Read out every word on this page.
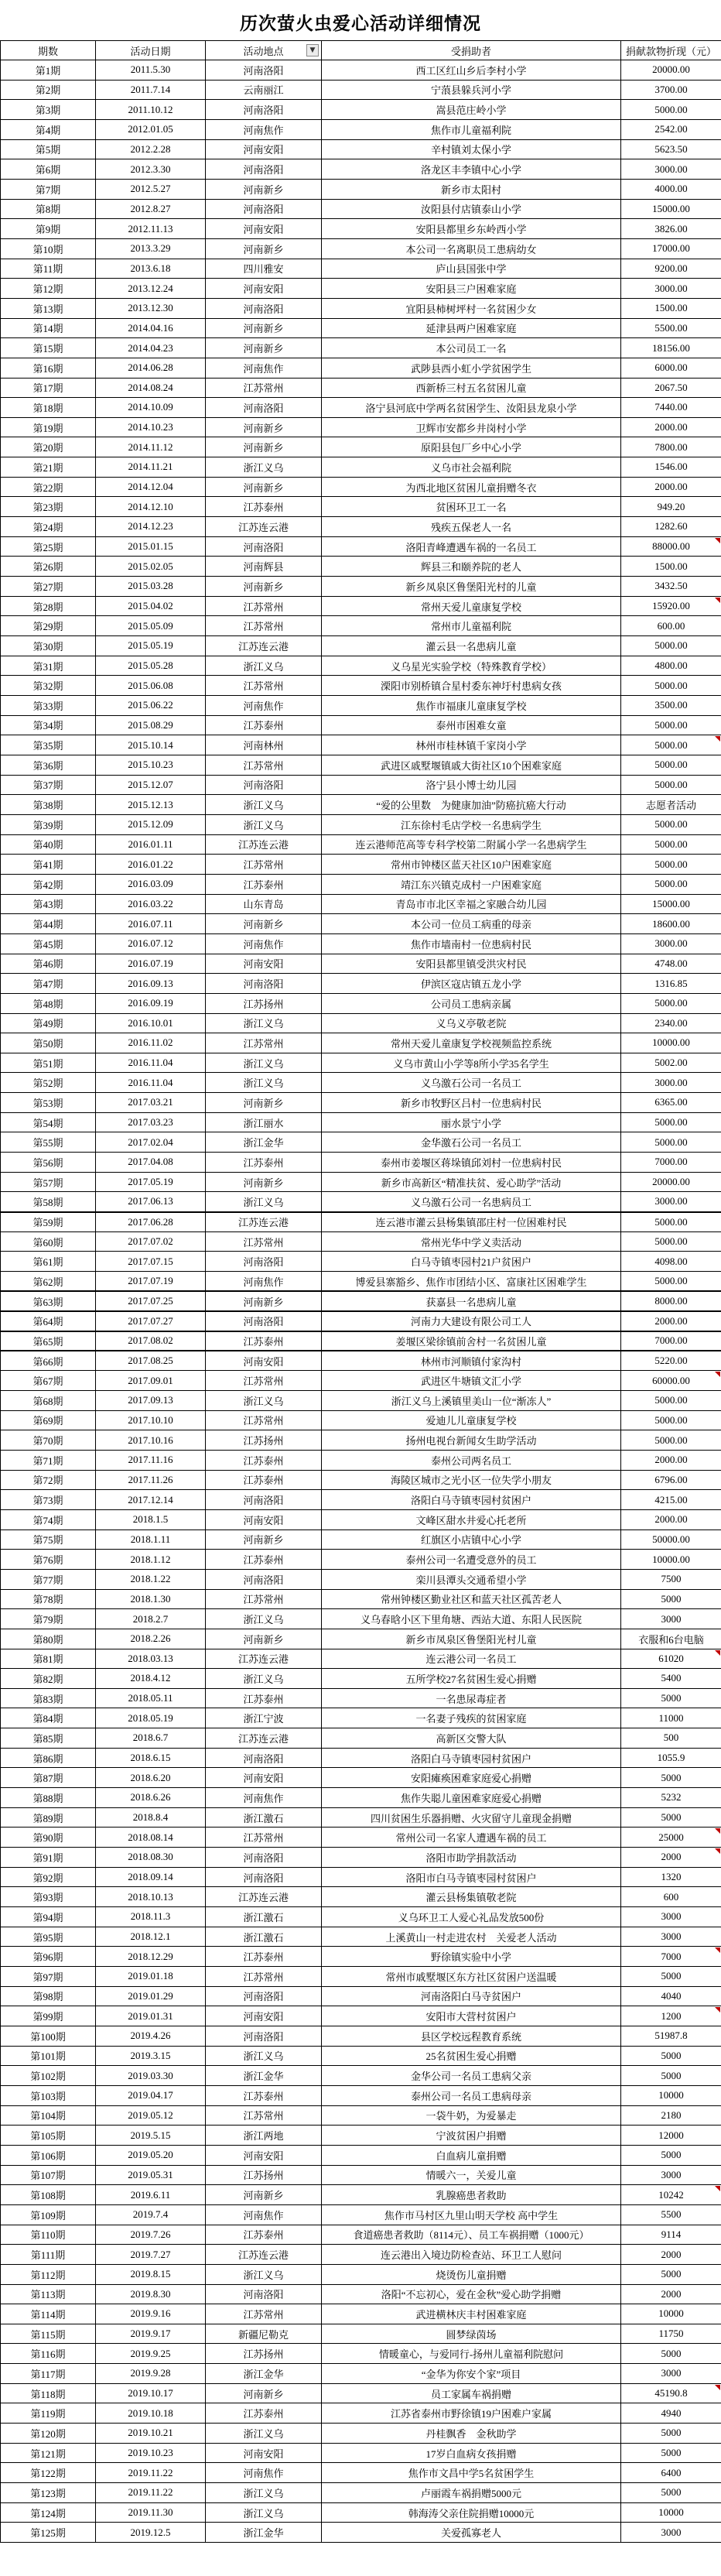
历次萤火虫爱心活动详细情况
期数	活动日期	活动地点 ▼	受捐助者	捐献款物折现（元）
第1期	2011.5.30	河南洛阳	西工区红山乡后李村小学	20000.00
第2期	2011.7.14	云南丽江	宁蒗县躲兵河小学	3700.00
第3期	2011.10.12	河南洛阳	嵩县范庄岭小学	5000.00
第4期	2012.01.05	河南焦作	焦作市儿童福利院	2542.00
第5期	2012.2.28	河南安阳	辛村镇刘太保小学	5623.50
第6期	2012.3.30	河南洛阳	洛龙区丰李镇中心小学	3000.00
第7期	2012.5.27	河南新乡	新乡市太阳村	4000.00
第8期	2012.8.27	河南洛阳	汝阳县付店镇泰山小学	15000.00
第9期	2012.11.13	河南安阳	安阳县都里乡东岭西小学	3826.00
第10期	2013.3.29	河南新乡	本公司一名离职员工患病幼女	17000.00
第11期	2013.6.18	四川雅安	庐山县国张中学	9200.00
第12期	2013.12.24	河南安阳	安阳县三户困难家庭	3000.00
第13期	2013.12.30	河南洛阳	宜阳县柿树坪村一名贫困少女	1500.00
第14期	2014.04.16	河南新乡	延津县两户困难家庭	5500.00
第15期	2014.04.23	河南新乡	本公司员工一名	18156.00
第16期	2014.06.28	河南焦作	武陟县西小虹小学贫困学生	6000.00
第17期	2014.08.24	江苏常州	西新桥三村五名贫困儿童	2067.50
第18期	2014.10.09	河南洛阳	洛宁县河底中学两名贫困学生、汝阳县龙泉小学	7440.00
第19期	2014.10.23	河南新乡	卫辉市安都乡井岗村小学	2000.00
第20期	2014.11.12	河南新乡	原阳县包厂乡中心小学	7800.00
第21期	2014.11.21	浙江义乌	义乌市社会福利院	1546.00
第22期	2014.12.04	河南新乡	为西北地区贫困儿童捐赠冬衣	2000.00
第23期	2014.12.10	江苏泰州	贫困环卫工一名	949.20
第24期	2014.12.23	江苏连云港	残疾五保老人一名	1282.60
第25期	2015.01.15	河南洛阳	洛阳青峰遭遇车祸的一名员工	88000.00

第26期	2015.02.05	河南辉县	辉县三和颐养院的老人	1500.00
第27期	2015.03.28	河南新乡	新乡凤泉区鲁堡阳光村的儿童	3432.50
第28期	2015.04.02	江苏常州	常州天爱儿童康复学校	15920.00

第29期	2015.05.09	江苏常州	常州市儿童福利院	600.00
第30期	2015.05.19	江苏连云港	灌云县一名患病儿童	5000.00
第31期	2015.05.28	浙江义乌	义乌星光实验学校（特殊教育学校）	4800.00
第32期	2015.06.08	江苏常州	溧阳市别桥镇合星村委东神圩村患病女孩	5000.00
第33期	2015.06.22	河南焦作	焦作市福康儿童康复学校	3500.00
第34期	2015.08.29	江苏泰州	泰州市困难女童	5000.00
第35期	2015.10.14	河南林州	林州市桂林镇千家岗小学	5000.00

第36期	2015.10.23	江苏常州	武进区戚墅堰镇戚大街社区10个困难家庭	5000.00
第37期	2015.12.07	河南洛阳	洛宁县小博士幼儿园	5000.00
第38期	2015.12.13	浙江义乌	“爱的公里数　为健康加油”防癌抗癌大行动	志愿者活动
第39期	2015.12.09	浙江义乌	江东徐村毛店学校一名患病学生	5000.00
第40期	2016.01.11	江苏连云港	连云港师范高等专科学校第二附属小学一名患病学生	5000.00
第41期	2016.01.22	江苏常州	常州市钟楼区蓝天社区10户困难家庭	5000.00
第42期	2016.03.09	江苏泰州	靖江东兴镇克成村一户困难家庭	5000.00
第43期	2016.03.22	山东青岛	青岛市市北区幸福之家融合幼儿园	15000.00
第44期	2016.07.11	河南新乡	本公司一位员工病重的母亲	18600.00
第45期	2016.07.12	河南焦作	焦作市墙南村一位患病村民	3000.00
第46期	2016.07.19	河南安阳	安阳县都里镇受洪灾村民	4748.00
第47期	2016.09.13	河南洛阳	伊滨区寇店镇五龙小学	1316.85
第48期	2016.09.19	江苏扬州	公司员工患病亲属	5000.00
第49期	2016.10.01	浙江义乌	义乌义亭敬老院	2340.00
第50期	2016.11.02	江苏常州	常州天爱儿童康复学校视频监控系统	10000.00
第51期	2016.11.04	浙江义乌	义乌市黄山小学等8所小学35名学生	5002.00
第52期	2016.11.04	浙江义乌	义乌激石公司一名员工	3000.00
第53期	2017.03.21	河南新乡	新乡市牧野区吕村一位患病村民	6365.00
第54期	2017.03.23	浙江丽水	丽水景宁小学	5000.00
第55期	2017.02.04	浙江金华	金华激石公司一名员工	5000.00
第56期	2017.04.08	江苏泰州	泰州市姜堰区蒋垛镇邱刘村一位患病村民	7000.00
第57期	2017.05.19	河南新乡	新乡市高新区“精准扶贫、爱心助学”活动	20000.00
第58期	2017.06.13	浙江义乌	义乌激石公司一名患病员工	3000.00
第59期	2017.06.28	江苏连云港	连云港市灌云县杨集镇邵庄村一位困难村民	5000.00
第60期	2017.07.02	江苏常州	常州光华中学义卖活动	5000.00
第61期	2017.07.15	河南洛阳	白马寺镇枣园村21户贫困户	4098.00
第62期	2017.07.19	河南焦作	博爱县寨豁乡、焦作市团结小区、富康社区困难学生	5000.00
第63期	2017.07.25	河南新乡	获嘉县一名患病儿童	8000.00
第64期	2017.07.27	河南洛阳	河南力大建设有限公司工人	2000.00
第65期	2017.08.02	江苏泰州	姜堰区梁徐镇前舍村一名贫困儿童	7000.00
第66期	2017.08.25	河南安阳	林州市河顺镇付家沟村	5220.00
第67期	2017.09.01	江苏常州	武进区牛塘镇文汇小学	60000.00

第68期	2017.09.13	浙江义乌	浙江义乌上溪镇里美山一位“渐冻人”	5000.00
第69期	2017.10.10	江苏常州	爱迪儿儿童康复学校	5000.00
第70期	2017.10.16	江苏扬州	扬州电视台新闻女生助学活动	5000.00
第71期	2017.11.16	江苏泰州	泰州公司两名员工	2000.00
第72期	2017.11.26	江苏泰州	海陵区城市之光小区一位失学小朋友	6796.00
第73期	2017.12.14	河南洛阳	洛阳白马寺镇枣园村贫困户	4215.00
第74期	2018.1.5	河南安阳	文峰区甜水井爱心托老所	2000.00
第75期	2018.1.11	河南新乡	红旗区小店镇中心小学	50000.00
第76期	2018.1.12	江苏泰州	泰州公司一名遭受意外的员工	10000.00
第77期	2018.1.22	河南洛阳	栾川县潭头交通希望小学	7500
第78期	2018.1.30	江苏常州	常州钟楼区勤业社区和蓝天社区孤苦老人	5000
第79期	2018.2.7	浙江义乌	义乌春晗小区下里角塘、西站大道、东阳人民医院	3000
第80期	2018.2.26	河南新乡	新乡市凤泉区鲁堡阳光村儿童	衣服和6台电脑
第81期	2018.03.13	江苏连云港	连云港公司一名员工	61020

第82期	2018.4.12	浙江义乌	五所学校27名贫困生爱心捐赠	5400
第83期	2018.05.11	江苏泰州	一名患尿毒症者	5000
第84期	2018.05.19	浙江宁波	一名妻子残疾的贫困家庭	11000
第85期	2018.6.7	江苏连云港	高新区交警大队	500
第86期	2018.6.15	河南洛阳	洛阳白马寺镇枣园村贫困户	1055.9
第87期	2018.6.20	河南安阳	安阳瘫痪困难家庭爱心捐赠	5000
第88期	2018.6.26	河南焦作	焦作失聪儿童困难家庭爱心捐赠	5232
第89期	2018.8.4	浙江激石	四川贫困生乐器捐赠、火灾留守儿童现金捐赠	5000
第90期	2018.08.14	江苏常州	常州公司一名家人遭遇车祸的员工	25000

第91期	2018.08.30	河南洛阳	洛阳市助学捐款活动	2000

第92期	2018.09.14	河南洛阳	洛阳市白马寺镇枣园村贫困户	1320
第93期	2018.10.13	江苏连云港	灌云县杨集镇敬老院	600
第94期	2018.11.3	浙江激石	义乌环卫工人爱心礼品发放500份	3000
第95期	2018.12.1	浙江激石	上溪黄山一村走进农村　关爱老人活动	3000
第96期	2018.12.29	江苏泰州	野徐镇实验中小学	7000

第97期	2019.01.18	江苏常州	常州市戚墅堰区东方社区贫困户送温暖	5000
第98期	2019.01.29	河南洛阳	河南洛阳白马寺贫困户	4040
第99期	2019.01.31	河南安阳	安阳市大营村贫困户	1200

第100期	2019.4.26	河南洛阳	县区学校远程教育系统	51987.8
第101期	2019.3.15	浙江义乌	25名贫困生爱心捐赠	5000
第102期	2019.03.30	浙江金华	金华公司一名员工患病父亲	5000
第103期	2019.04.17	江苏泰州	泰州公司一名员工患病母亲	10000
第104期	2019.05.12	江苏常州	一袋牛奶，为爱暴走	2180
第105期	2019.5.15	浙江两地	宁波贫困户捐赠	12000
第106期	2019.05.20	河南安阳	白血病儿童捐赠	5000
第107期	2019.05.31	江苏扬州	情暖六一，关爱儿童	3000
第108期	2019.6.11	河南新乡	乳腺癌患者救助	10242

第109期	2019.7.4	河南焦作	焦作市马村区九里山明天学校 高中学生	5500
第110期	2019.7.26	江苏泰州	食道癌患者救助（8114元）、员工车祸捐赠（1000元）	9114
第111期	2019.7.27	江苏连云港	连云港出入境边防检查站、环卫工人慰问	2000
第112期	2019.8.15	浙江义乌	烧烫伤儿童捐赠	5000
第113期	2019.8.30	河南洛阳	洛阳“不忘初心，爱在金秋”爱心助学捐赠	2000
第114期	2019.9.16	江苏常州	武进横林庆丰村困难家庭	10000
第115期	2019.9.17	新疆尼勒克	圆梦绿茵场	11750
第116期	2019.9.25	江苏扬州	情暖童心，与爱同行-扬州儿童福利院慰问	5000
第117期	2019.9.28	浙江金华	“金华为你安个家”项目	3000
第118期	2019.10.17	河南新乡	员工家属车祸捐赠	45190.8

第119期	2019.10.18	江苏泰州	江苏省泰州市野徐镇19户困难户家属	4940
第120期	2019.10.21	浙江义乌	丹桂飘香　金秋助学	5000
第121期	2019.10.23	河南安阳	17岁白血病女孩捐赠	5000
第122期	2019.11.22	河南焦作	焦作市文昌中学5名贫困学生	6400
第123期	2019.11.22	浙江义乌	卢丽霞车祸捐赠5000元	5000
第124期	2019.11.30	浙江义乌	韩海涛父亲住院捐赠10000元	10000
第125期	2019.12.5	浙江金华	关爱孤寡老人	3000
